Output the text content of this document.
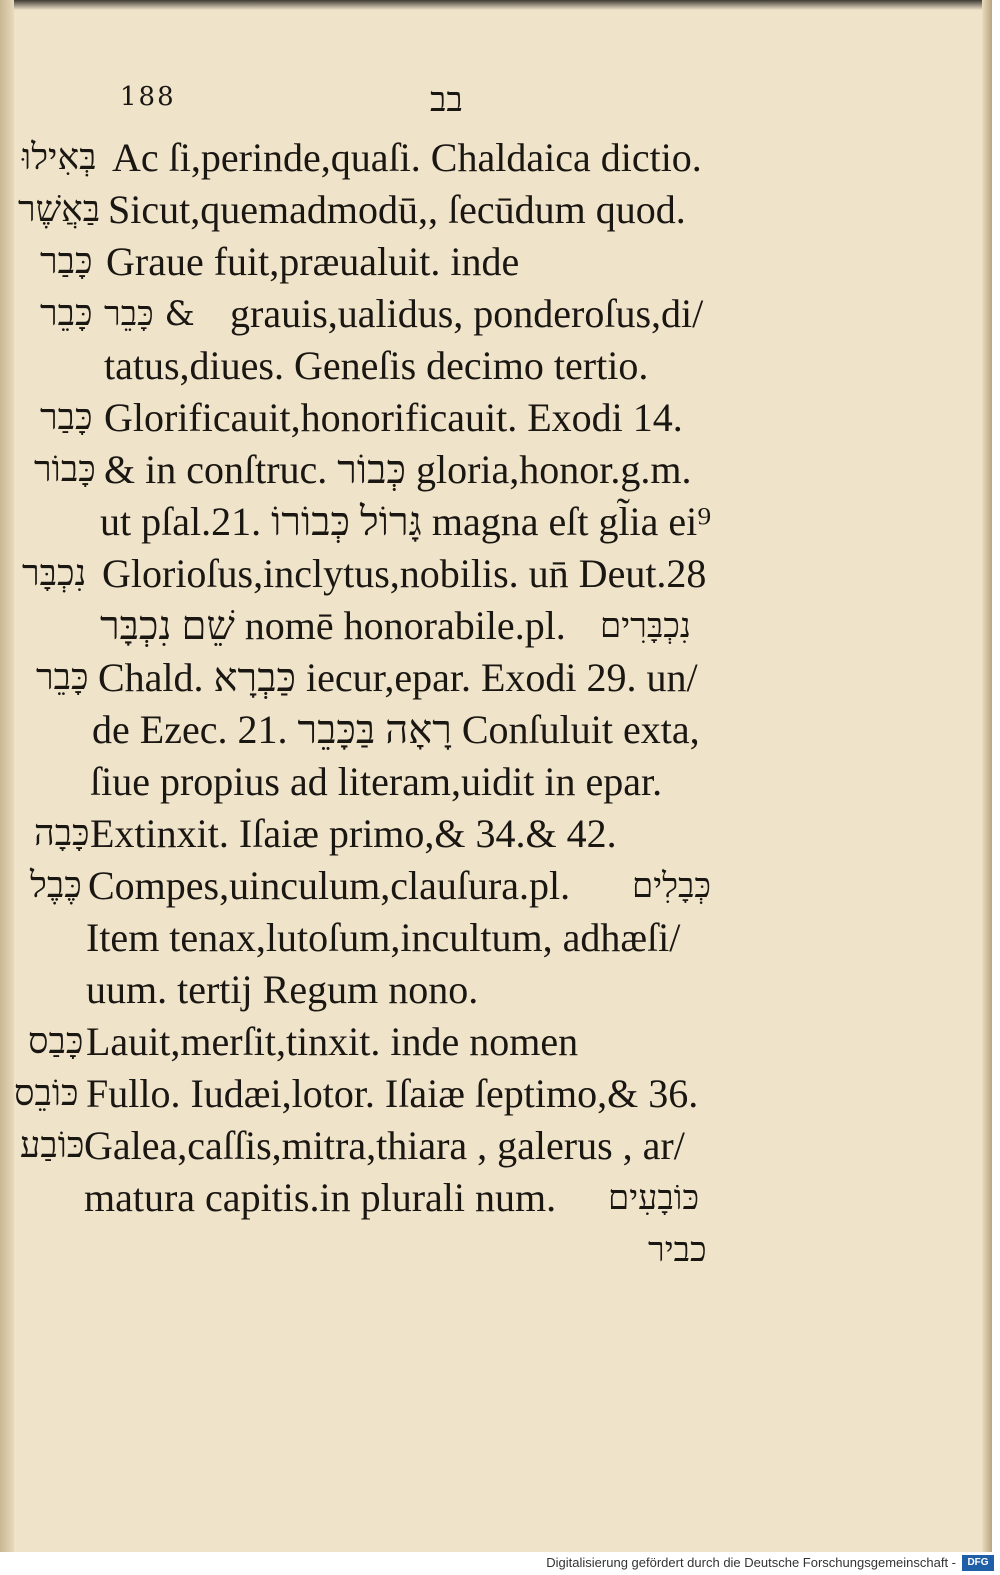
188	בב
בְּאִילוּ Ac ſi,perinde,quaſi. Chaldaica dictio.
בַּאֲשֶׁר Sicut,quemadmodū,, ſecūdum quod.
כָּבַר Graue fuit,præualuit. inde
כָּבֵר & כָּבֵר grauis,ualidus, ponderoſus,di/
tatus,diues. Geneſis decimo tertio.
כָּבַר Glorificauit,honorificauit. Exodi 14.
כָּבוֹר & in conſtruc. כְּבוֹר gloria,honor.g.m.
ut pſal.21. גָּרוֹל כְּבוֹרוֹ magna eſt gl̃ia ei⁹
נִכְבָּר Glorioſus,inclytus,nobilis. un̄ Deut.28
שֵׁם נִכְבָּר nomē honorabile.pl. נִכְבָּרִים
כָּבֵר Chald. כַּבְרָא iecur,epar. Exodi 29. un/
de Ezec. 21. רָאָה בַּכָּבֵר Conſuluit exta,
ſiue propius ad literam,uidit in epar.
כָּבָה Extinxit. Iſaiæ primo,& 34.& 42.
כֶּבֶל Compes,uinculum,clauſura.pl. כְּבָלִים
Item tenax,lutoſum,incultum, adhæſi/
uum. tertij Regum nono.
כָּבַס Lauit,merſit,tinxit. inde nomen
כּוֹבֵס Fullo. Iudæi,lotor. Iſaiæ ſeptimo,& 36.
כּוֹבַע Galea,caſſis,mitra,thiara , galerus , ar/
matura capitis.in plurali num. כּוֹבָעִים
כביר
Digitalisierung gefördert durch die Deutsche Forschungsgemeinschaft -	DFG
